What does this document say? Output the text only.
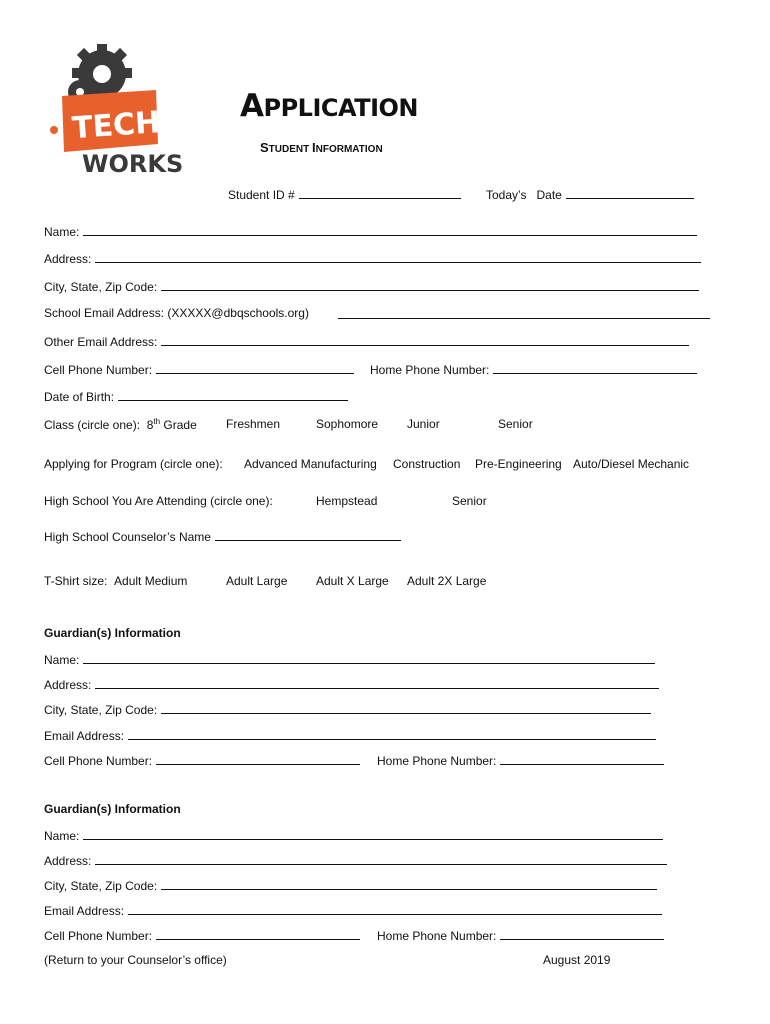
TECH
WORKS
APPLICATION
STUDENT INFORMATION
Student ID #	Today’s Date
Name:
Address:
City, State, Zip Code:
School Email Address: (XXXXX@dbqschools.org)
Other Email Address:
Cell Phone Number:	Home Phone Number:
Date of Birth:
Class (circle one): 8th Grade Freshmen	Sophomore Junior	Senior
Applying for Program (circle one): Advanced Manufacturing Construction Pre-Engineering Auto/Diesel Mechanic
High School You Are Attending (circle one):	Hempstead	Senior
High School Counselor’s Name
T-Shirt size: Adult Medium	Adult Large Adult X Large Adult 2X Large
Guardian(s) Information
Name:
Address:
City, State, Zip Code:
Email Address:
Cell Phone Number:	Home Phone Number:
Guardian(s) Information
Name:
Address:
City, State, Zip Code:
Email Address:
Cell Phone Number:	Home Phone Number:
(Return to your Counselor’s office)	August 2019
